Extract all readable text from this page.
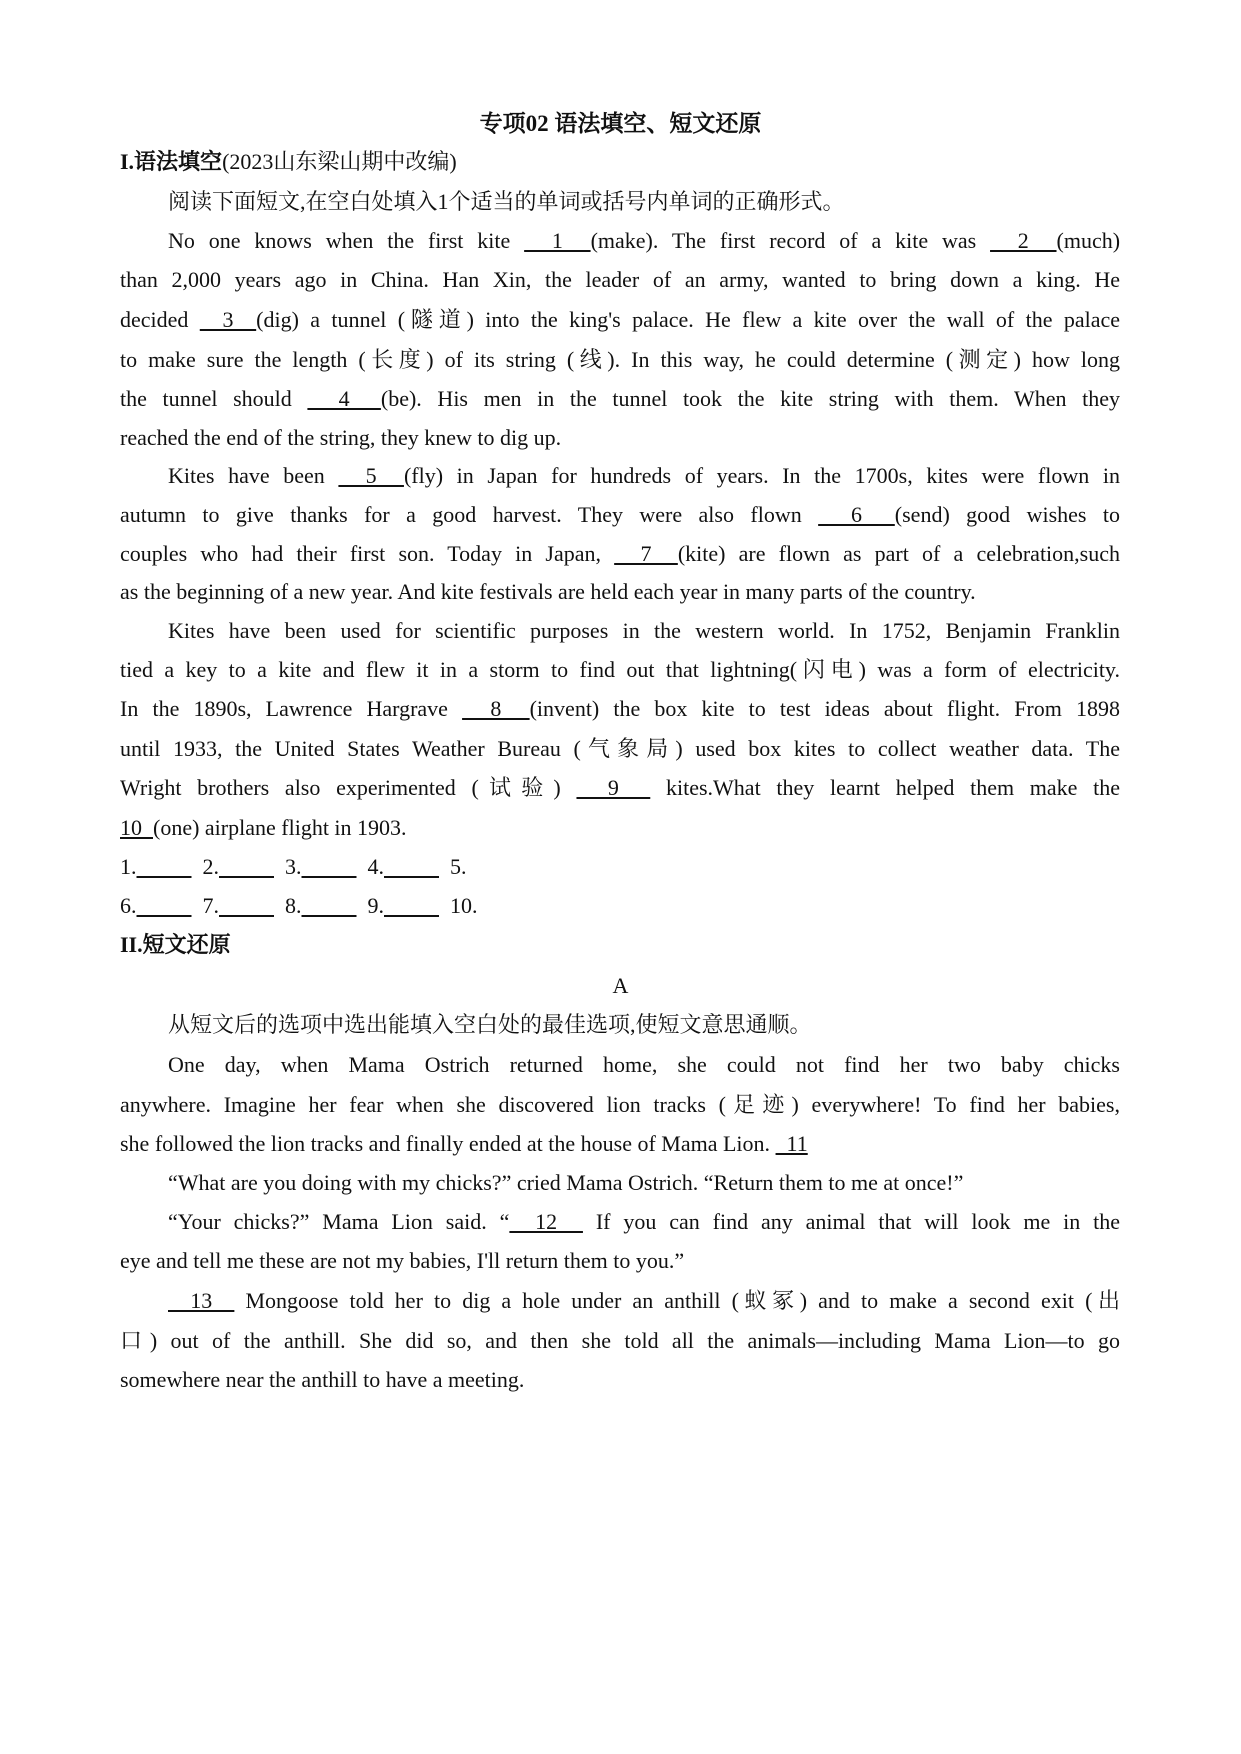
专项02 语法填空、短文还原
I.语法填空(2023山东梁山期中改编)
阅读下面短文,在空白处填入1个适当的单词或括号内单词的正确形式。
No one knows when the first kite   1  (make). The first record of a kite was   2  (much)
than 2,000 years ago in China. Han Xin, the leader of an army, wanted to bring down a king. He
decided   3  (dig) a tunnel (隧道) into the king's palace. He flew a kite over the wall of the palace
to make sure the length (长度) of its string (线). In this way, he could determine (测定) how long
the tunnel should   4  (be). His men in the tunnel took the kite string with them. When they
reached the end of the string, they knew to dig up.
Kites have been   5  (fly) in Japan for hundreds of years. In the 1700s, kites were flown in
autumn to give thanks for a good harvest. They were also flown   6  (send) good wishes to
couples who had their first son. Today in Japan,   7  (kite) are flown as part of a celebration,such
as the beginning of a new year. And kite festivals are held each year in many parts of the country.
Kites have been used for scientific purposes in the western world. In 1752, Benjamin Franklin
tied a key to a kite and flew it in a storm to find out that lightning(闪电) was a form of electricity.
In the 1890s, Lawrence Hargrave   8  (invent) the box kite to test ideas about flight. From 1898
until 1933, the United States Weather Bureau (气象局) used box kites to collect weather data. The
Wright brothers also experimented (试验)   9   kites.What they learnt helped them make the
10  (one) airplane flight in 1903.
1.	2.	3.	4.	5.
6.	7.	8.	9.	10.
II.短文还原
A
从短文后的选项中选出能填入空白处的最佳选项,使短文意思通顺。
One day, when Mama Ostrich returned home, she could not find her two baby chicks
anywhere. Imagine her fear when she discovered lion tracks (足迹) everywhere! To find her babies,
she followed the lion tracks and finally ended at the house of Mama Lion.   11
“What are you doing with my chicks?” cried Mama Ostrich. “Return them to me at once!”
“Your chicks?” Mama Lion said. “  12   If you can find any animal that will look me in the
eye and tell me these are not my babies, I'll return them to you.”
13   Mongoose told her to dig a hole under an anthill (蚁冢) and to make a second exit (出
口) out of the anthill. She did so, and then she told all the animals—including Mama Lion—to go
somewhere near the anthill to have a meeting.
